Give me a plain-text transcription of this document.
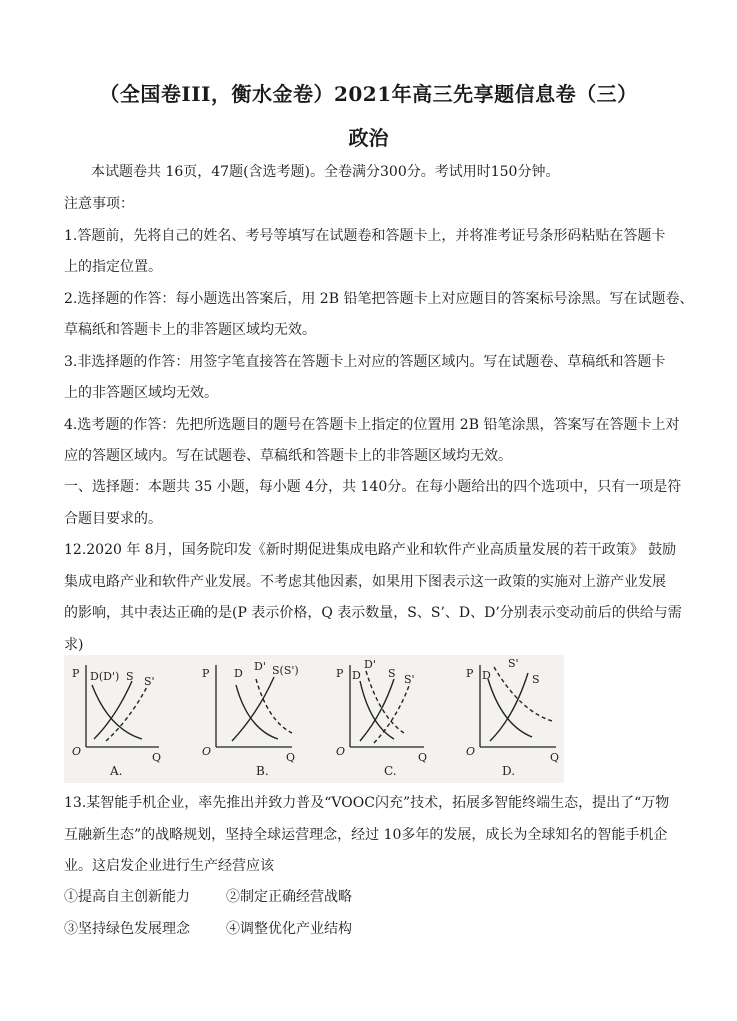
（全国卷III，衡水金卷）2021年高三先享题信息卷（三）
政治
本试题卷共 16页，47题(含选考题)。全卷满分300分。考试用时150分钟。
注意事项：
1.答题前，先将自己的姓名、考号等填写在试题卷和答题卡上，并将准考证号条形码粘贴在答题卡
上的指定位置。
2.选择题的作答：每小题选出答案后，用 2B 铅笔把答题卡上对应题目的答案标号涂黑。写在试题卷、
草稿纸和答题卡上的非答题区域均无效。
3.非选择题的作答：用签字笔直接答在答题卡上对应的答题区域内。写在试题卷、草稿纸和答题卡
上的非答题区域均无效。
4.选考题的作答：先把所选题目的题号在答题卡上指定的位置用 2B 铅笔涂黑，答案写在答题卡上对
应的答题区域内。写在试题卷、草稿纸和答题卡上的非答题区域均无效。
一、选择题：本题共 35 小题，每小题 4分，共 140分。在每小题给出的四个选项中，只有一项是符
合题目要求的。
12.2020 年 8月，国务院印发《新时期促进集成电路产业和软件产业高质量发展的若干政策》 鼓励
集成电路产业和软件产业发展。不考虑其他因素，如果用下图表示这一政策的实施对上游产业发展
的影响，其中表达正确的是(P 表示价格，Q 表示数量，S、S’、D、D’分别表示变动前后的供给与需
求)
P
O	Q
D(D') S S'
A.
P
O	Q
D
D' S(S')
B.
P
O	Q
D'
D S S'
C.
P
O	Q
D
S'
S
D.
13.某智能手机企业，率先推出并致力普及“VOOC闪充”技术，拓展多智能终端生态，提出了“万物
互融新生态”的战略规划，坚持全球运营理念，经过 10多年的发展，成长为全球知名的智能手机企
业。这启发企业进行生产经营应该
①提高自主创新能力	②制定正确经营战略
③坚持绿色发展理念	④调整优化产业结构
